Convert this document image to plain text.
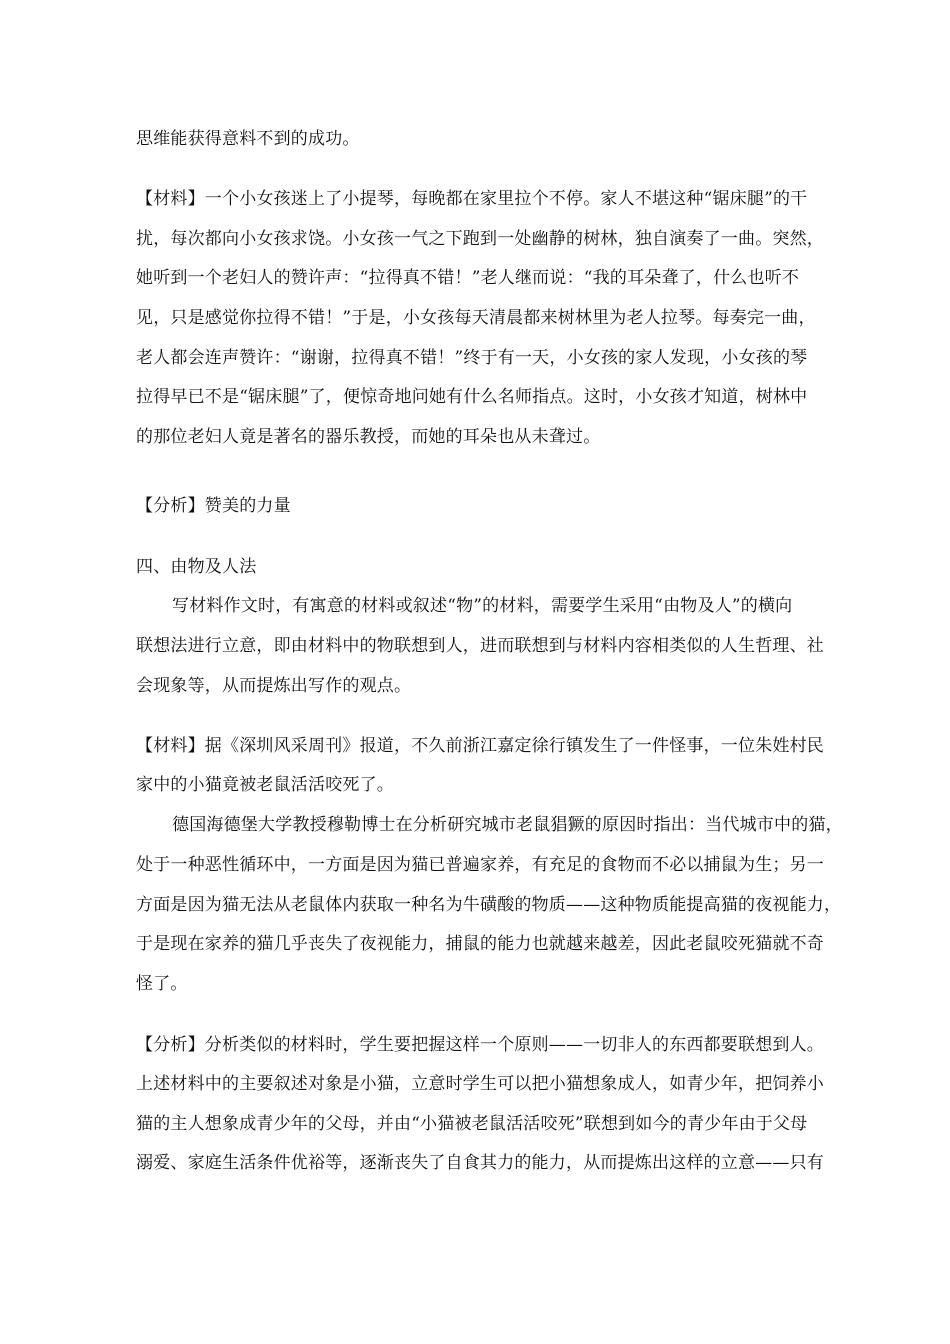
思维能获得意料不到的成功。
【材料】一个小女孩迷上了小提琴，每晚都在家里拉个不停。家人不堪这种“锯床腿”的干
扰，每次都向小女孩求饶。小女孩一气之下跑到一处幽静的树林，独自演奏了一曲。突然，
她听到一个老妇人的赞许声：“拉得真不错！”老人继而说：“我的耳朵聋了，什么也听不
见，只是感觉你拉得不错！”于是，小女孩每天清晨都来树林里为老人拉琴。每奏完一曲，
老人都会连声赞许：“谢谢，拉得真不错！”终于有一天，小女孩的家人发现，小女孩的琴
拉得早已不是“锯床腿”了，便惊奇地问她有什么名师指点。这时，小女孩才知道，树林中
的那位老妇人竟是著名的器乐教授，而她的耳朵也从未聋过。
【分析】赞美的力量
四、由物及人法
写材料作文时，有寓意的材料或叙述“物”的材料，需要学生采用“由物及人”的横向
联想法进行立意，即由材料中的物联想到人，进而联想到与材料内容相类似的人生哲理、社
会现象等，从而提炼出写作的观点。
【材料】据《深圳风采周刊》报道，不久前浙江嘉定徐行镇发生了一件怪事，一位朱姓村民
家中的小猫竟被老鼠活活咬死了。
德国海德堡大学教授穆勒博士在分析研究城市老鼠猖獗的原因时指出：当代城市中的猫，
处于一种恶性循环中，一方面是因为猫已普遍家养，有充足的食物而不必以捕鼠为生；另一
方面是因为猫无法从老鼠体内获取一种名为牛磺酸的物质——这种物质能提高猫的夜视能力，
于是现在家养的猫几乎丧失了夜视能力，捕鼠的能力也就越来越差，因此老鼠咬死猫就不奇
怪了。
【分析】分析类似的材料时，学生要把握这样一个原则——一切非人的东西都要联想到人。
上述材料中的主要叙述对象是小猫，立意时学生可以把小猫想象成人，如青少年，把饲养小
猫的主人想象成青少年的父母，并由“小猫被老鼠活活咬死”联想到如今的青少年由于父母
溺爱、家庭生活条件优裕等，逐渐丧失了自食其力的能力，从而提炼出这样的立意——只有
